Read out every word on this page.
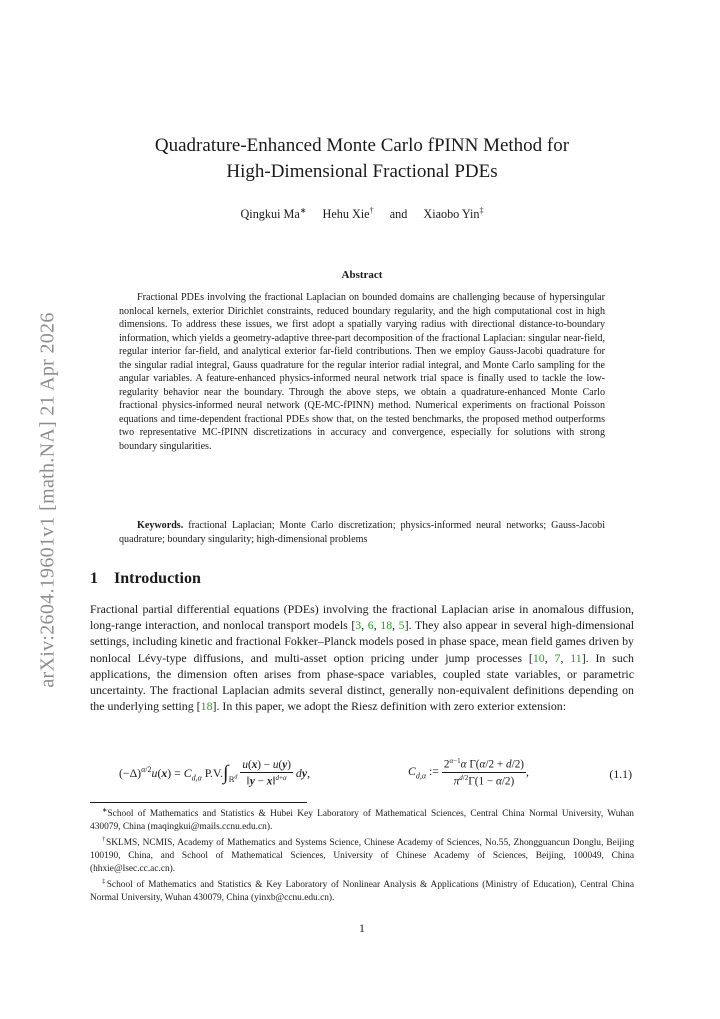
arXiv:2604.19601v1 [math.NA] 21 Apr 2026
Quadrature-Enhanced Monte Carlo fPINN Method for
High-Dimensional Fractional PDEs
Qingkui Ma∗ Hehu Xie† and Xiaobo Yin‡
Abstract

Fractional PDEs involving the fractional Laplacian on bounded domains are challenging because of hypersingular nonlocal kernels, exterior Dirichlet constraints, reduced boundary regularity, and the high computational cost in high dimensions. To address these issues, we first adopt a spatially varying radius with directional distance-to-boundary information, which yields a geometry-adaptive three-part decomposition of the fractional Laplacian: singular near-field, regular interior far-field, and analytical exterior far-field contributions. Then we employ Gauss-Jacobi quadrature for the singular radial integral, Gauss quadrature for the regular interior radial integral, and Monte Carlo sampling for the angular variables. A feature-enhanced physics-informed neural network trial space is finally used to tackle the low-regularity behavior near the boundary. Through the above steps, we obtain a quadrature-enhanced Monte Carlo fractional physics-informed neural network (QE-MC-fPINN) method. Numerical experiments on fractional Poisson equations and time-dependent fractional PDEs show that, on the tested benchmarks, the proposed method outperforms two representative MC-fPINN discretizations in accuracy and convergence, especially for solutions with strong boundary singularities.

Keywords. fractional Laplacian; Monte Carlo discretization; physics-informed neural networks; Gauss-Jacobi quadrature; boundary singularity; high-dimensional problems

1 Introduction

Fractional partial differential equations (PDEs) involving the fractional Laplacian arise in anomalous diffusion, long-range interaction, and nonlocal transport models [3, 6, 18, 5]. They also appear in several high-dimensional settings, including kinetic and fractional Fokker–Planck models posed in phase space, mean field games driven by nonlocal Lévy-type diffusions, and multi-asset option pricing under jump processes [10, 7, 11]. In such applications, the dimension often arises from phase-space variables, coupled state variables, or parametric uncertainty. The fractional Laplacian admits several distinct, generally non-equivalent definitions depending on the underlying setting [18]. In this paper, we adopt the Riesz definition with zero exterior extension:

$(-\Delta)^{\alpha/2}u(x) = C_{d,\alpha}$ $P.V.\int_{ℝ^d} \frac{u(x) - u(y)}{‖y - x‖^{d+\alpha}}$ dy,	$C_{d,\alpha}$ := $\frac{2^{\alpha-1}\alpha \Gamma(\alpha/2 + d/2)}{\pi^{d/2}\Gamma(1 - \alpha/2)}$ ,	(1.1)

∗School of Mathematics and Statistics & Hubei Key Laboratory of Mathematical Sciences, Central China Normal University, Wuhan 430079, China (maqingkui@mails.ccnu.edu.cn).

†SKLMS, NCMIS, Academy of Mathematics and Systems Science, Chinese Academy of Sciences, No.55, Zhongguancun Donglu, Beijing 100190, China, and School of Mathematical Sciences, University of Chinese Academy of Sciences, Beijing, 100049, China (hhxie@lsec.cc.ac.cn).

‡School of Mathematics and Statistics & Key Laboratory of Nonlinear Analysis & Applications (Ministry of Education), Central China Normal University, Wuhan 430079, China (yinxb@ccnu.edu.cn).

1
